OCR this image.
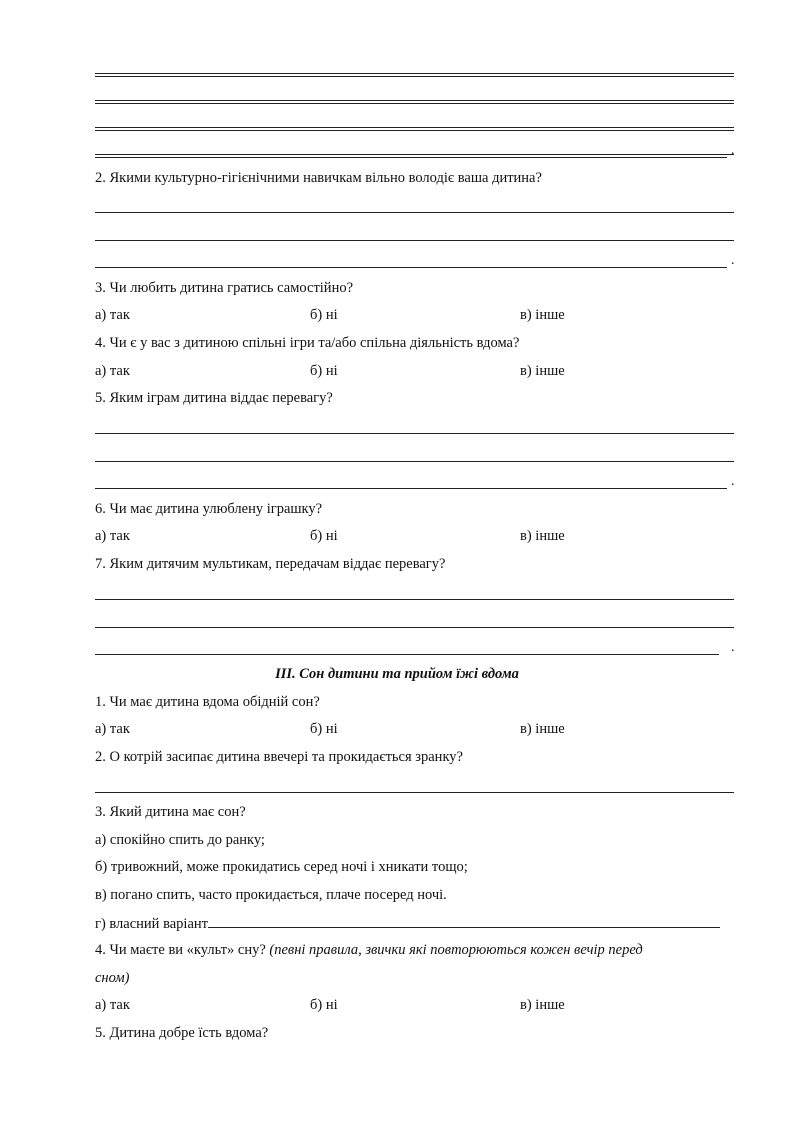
.
2. Якими культурно-гігієнічними навичкам вільно володіє ваша дитина?
.
3. Чи любить дитина гратись самостійно?
а) так	б) ні	в) інше
4. Чи є у вас з дитиною спільні ігри та/або спільна діяльність вдома?
а) так	б) ні	в) інше
5. Яким іграм дитина віддає перевагу?
.
6. Чи має дитина улюблену іграшку?
а) так	б) ні	в) інше
7. Яким дитячим мультикам, передачам віддає перевагу?
.
ІІІ. Сон дитини та прийом їжі вдома
1. Чи має дитина вдома обідній сон?
а) так	б) ні	в) інше
2. О котрій засипає дитина ввечері та прокидається зранку?
3. Який дитина має сон?
а) спокійно спить до ранку;
б) тривожний, може прокидатись серед ночі і хникати тощо;
в) погано спить, часто прокидається, плаче посеред ночі.
г) власний варіант
4. Чи маєте ви «культ» сну? (певні правила, звички які повторюються кожен вечір перед
сном)
а) так	б) ні	в) інше
5. Дитина добре їсть вдома?
